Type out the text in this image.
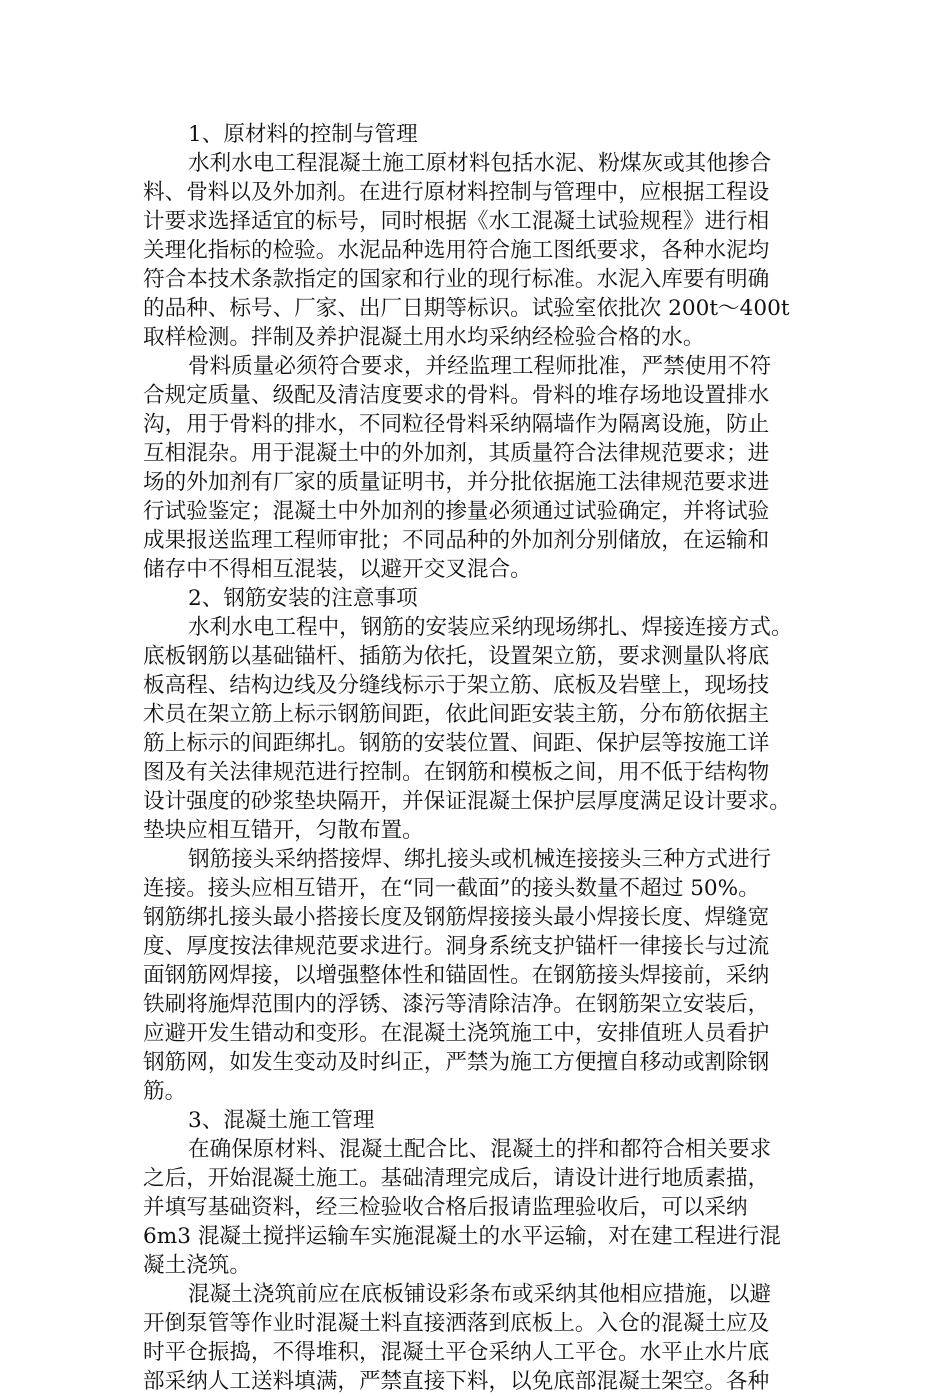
1、原材料的控制与管理
水利水电工程混凝土施工原材料包括水泥、粉煤灰或其他掺合
料、骨料以及外加剂。在进行原材料控制与管理中，应根据工程设
计要求选择适宜的标号，同时根据《水工混凝土试验规程》进行相
关理化指标的检验。水泥品种选用符合施工图纸要求，各种水泥均
符合本技术条款指定的国家和行业的现行标准。水泥入库要有明确
的品种、标号、厂家、出厂日期等标识。试验室依批次 200t～400t
取样检测。拌制及养护混凝土用水均采纳经检验合格的水。
骨料质量必须符合要求，并经监理工程师批准，严禁使用不符
合规定质量、级配及清洁度要求的骨料。骨料的堆存场地设置排水
沟，用于骨料的排水，不同粒径骨料采纳隔墙作为隔离设施，防止
互相混杂。用于混凝土中的外加剂，其质量符合法律规范要求；进
场的外加剂有厂家的质量证明书，并分批依据施工法律规范要求进
行试验鉴定；混凝土中外加剂的掺量必须通过试验确定，并将试验
成果报送监理工程师审批；不同品种的外加剂分别储放，在运输和
储存中不得相互混装，以避开交叉混合。
2、钢筋安装的注意事项
水利水电工程中，钢筋的安装应采纳现场绑扎、焊接连接方式。
底板钢筋以基础锚杆、插筋为依托，设置架立筋，要求测量队将底
板高程、结构边线及分缝线标示于架立筋、底板及岩壁上，现场技
术员在架立筋上标示钢筋间距，依此间距安装主筋，分布筋依据主
筋上标示的间距绑扎。钢筋的安装位置、间距、保护层等按施工详
图及有关法律规范进行控制。在钢筋和模板之间，用不低于结构物
设计强度的砂浆垫块隔开，并保证混凝土保护层厚度满足设计要求。
垫块应相互错开，匀散布置。
钢筋接头采纳搭接焊、绑扎接头或机械连接接头三种方式进行
连接。接头应相互错开，在“同一截面”的接头数量不超过 50%。
钢筋绑扎接头最小搭接长度及钢筋焊接接头最小焊接长度、焊缝宽
度、厚度按法律规范要求进行。洞身系统支护锚杆一律接长与过流
面钢筋网焊接，以增强整体性和锚固性。在钢筋接头焊接前，采纳
铁刷将施焊范围内的浮锈、漆污等清除洁净。在钢筋架立安装后，
应避开发生错动和变形。在混凝土浇筑施工中，安排值班人员看护
钢筋网，如发生变动及时纠正，严禁为施工方便擅自移动或割除钢
筋。
3、混凝土施工管理
在确保原材料、混凝土配合比、混凝土的拌和都符合相关要求
之后，开始混凝土施工。基础清理完成后，请设计进行地质素描，
并填写基础资料，经三检验收合格后报请监理验收后，可以采纳
6m3 混凝土搅拌运输车实施混凝土的水平运输，对在建工程进行混
凝土浇筑。
混凝土浇筑前应在底板铺设彩条布或采纳其他相应措施，以避
开倒泵管等作业时混凝土料直接洒落到底板上。入仓的混凝土应及
时平仓振捣，不得堆积，混凝土平仓采纳人工平仓。水平止水片底
部采纳人工送料填满，严禁直接下料，以免底部混凝土架空。各种
